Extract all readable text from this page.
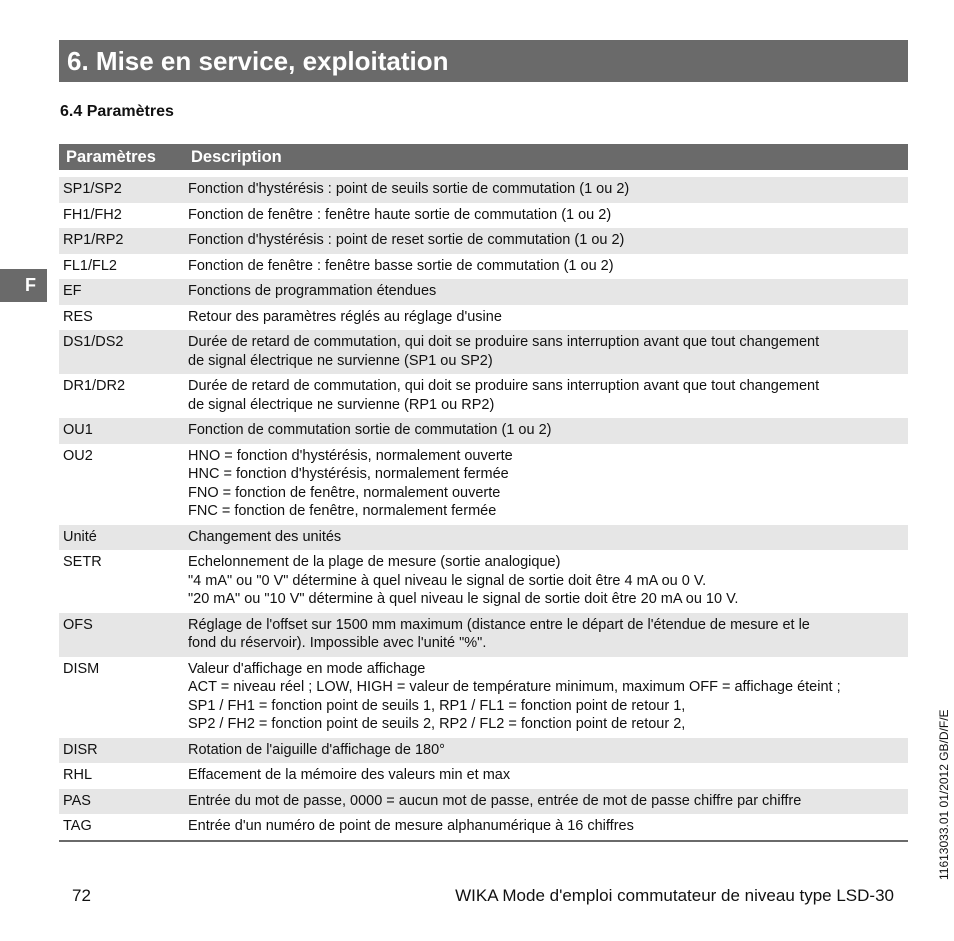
6. Mise en service, exploitation
6.4 Paramètres
F
Paramètres	Description
SP1/SP2	Fonction d'hystérésis : point de seuils sortie de commutation (1 ou 2)
FH1/FH2	Fonction de fenêtre : fenêtre haute sortie de commutation (1 ou 2)
RP1/RP2	Fonction d'hystérésis : point de reset sortie de commutation (1 ou 2)
FL1/FL2	Fonction de fenêtre : fenêtre basse sortie de commutation (1 ou 2)
EF	Fonctions de programmation étendues
RES	Retour des paramètres réglés au réglage d'usine
DS1/DS2	Durée de retard de commutation, qui doit se produire sans interruption avant que tout changement
de signal électrique ne survienne (SP1 ou SP2)
DR1/DR2	Durée de retard de commutation, qui doit se produire sans interruption avant que tout changement
de signal électrique ne survienne (RP1 ou RP2)
OU1	Fonction de commutation sortie de commutation (1 ou 2)
OU2	HNO = fonction d'hystérésis, normalement ouverte
HNC = fonction d'hystérésis, normalement fermée
FNO = fonction de fenêtre, normalement ouverte
FNC = fonction de fenêtre, normalement fermée
Unité	Changement des unités
SETR	Echelonnement de la plage de mesure (sortie analogique)
"4 mA" ou "0 V" détermine à quel niveau le signal de sortie doit être 4 mA ou 0 V.
"20 mA" ou "10 V" détermine à quel niveau le signal de sortie doit être 20 mA ou 10 V.
OFS	Réglage de l'offset sur 1500 mm maximum (distance entre le départ de l'étendue de mesure et le
fond du réservoir). Impossible avec l'unité "%".
DISM	Valeur d'affichage en mode affichage
ACT = niveau réel ; LOW, HIGH = valeur de température minimum, maximum OFF = affichage éteint ;
SP1 / FH1 = fonction point de seuils 1, RP1 / FL1 = fonction point de retour 1,
SP2 / FH2 = fonction point de seuils 2, RP2 / FL2 = fonction point de retour 2,
DISR	Rotation de l'aiguille d'affichage de 180°
RHL	Effacement de la mémoire des valeurs min et max
PAS	Entrée du mot de passe, 0000 = aucun mot de passe, entrée de mot de passe chiffre par chiffre
TAG	Entrée d'un numéro de point de mesure alphanumérique à 16 chiffres	11613033.01 01/2012 GB/D/F/E
72	WIKA Mode d'emploi commutateur de niveau type LSD-30
